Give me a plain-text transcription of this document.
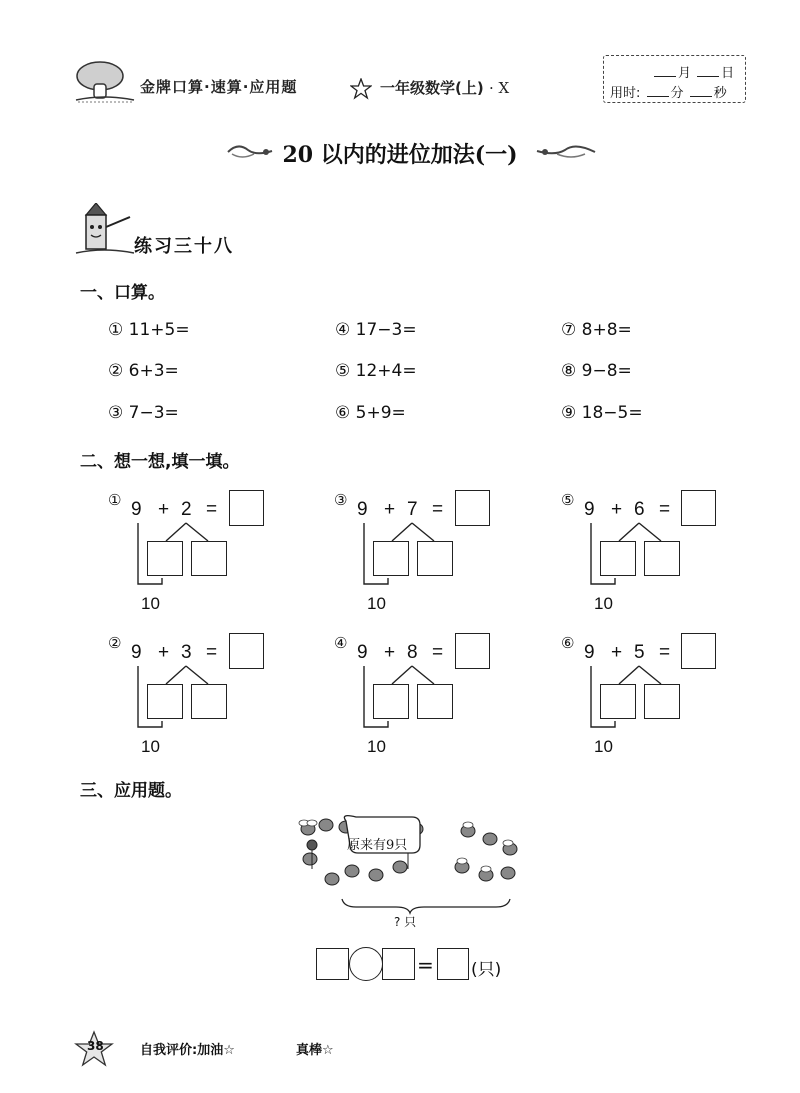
金牌口算·速算·应用题	一年级数学(上) · X
月 日
用时: 分 秒
20 以内的进位加法(一)
练习三十八
一、口算。
① 11+5=
② 6+3=
③ 7−3=
④ 17−3=
⑤ 12+4=
⑥ 5+9=
⑦ 8+8=
⑧ 9−8=
⑨ 18−5=
二、想一想,填一填。
① 9 + 2 =
10
③ 9 + 7 =
10
⑤ 9 + 6 =
10
② 9 + 3 =
10
④ 9 + 8 =
10
⑥ 9 + 5 =
10
三、应用题。
原来有9只
? 只
= (只)
38	自我评价:加油☆	真棒☆
